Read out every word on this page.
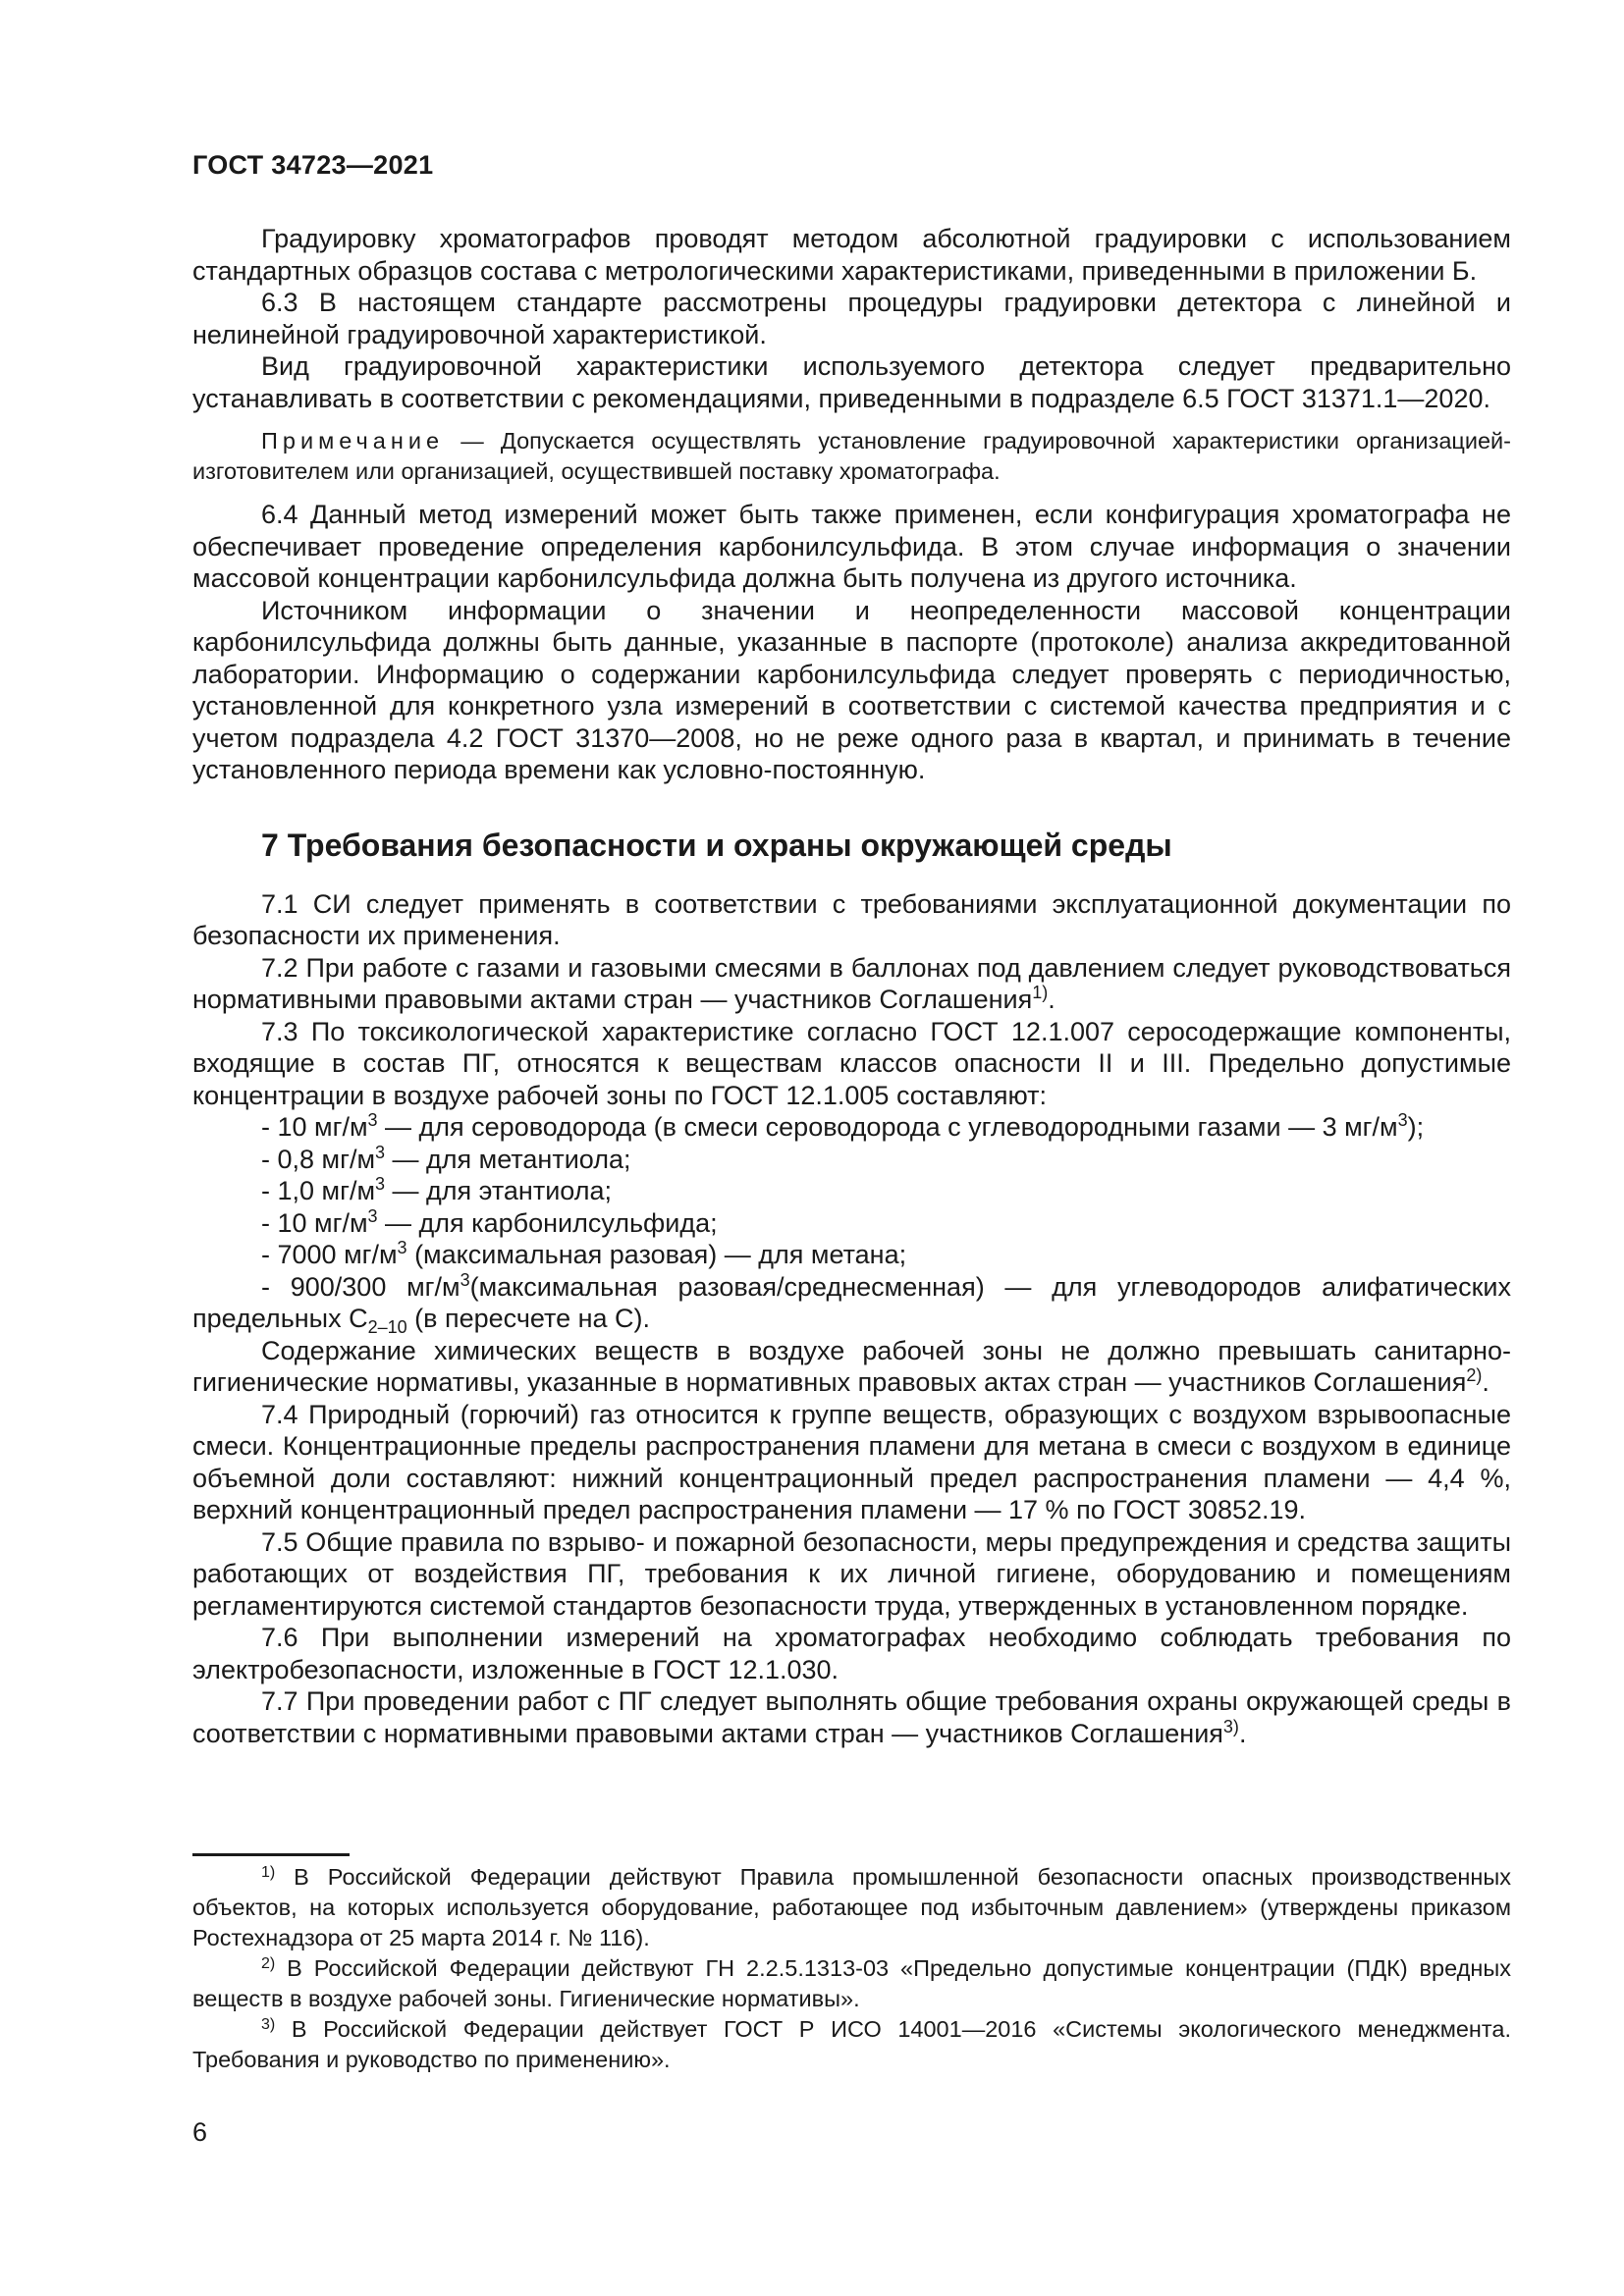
ГОСТ 34723—2021

Градуировку хроматографов проводят методом абсолютной градуировки с использованием стандартных образцов состава с метрологическими характеристиками, приведенными в приложении Б.

6.3 В настоящем стандарте рассмотрены процедуры градуировки детектора с линейной и нелинейной градуировочной характеристикой.

Вид градуировочной характеристики используемого детектора следует предварительно устанавливать в соответствии с рекомендациями, приведенными в подразделе 6.5 ГОСТ 31371.1—2020.

Примечание — Допускается осуществлять установление градуировочной характеристики организацией-изготовителем или организацией, осуществившей поставку хроматографа.

6.4 Данный метод измерений может быть также применен, если конфигурация хроматографа не обеспечивает проведение определения карбонилсульфида. В этом случае информация о значении массовой концентрации карбонилсульфида должна быть получена из другого источника.

Источником информации о значении и неопределенности массовой концентрации карбонилсульфида должны быть данные, указанные в паспорте (протоколе) анализа аккредитованной лаборатории. Информацию о содержании карбонилсульфида следует проверять с периодичностью, установленной для конкретного узла измерений в соответствии с системой качества предприятия и с учетом подраздела 4.2 ГОСТ 31370—2008, но не реже одного раза в квартал, и принимать в течение установленного периода времени как условно-постоянную.

7 Требования безопасности и охраны окружающей среды

7.1 СИ следует применять в соответствии с требованиями эксплуатационной документации по безопасности их применения.

7.2 При работе с газами и газовыми смесями в баллонах под давлением следует руководствоваться нормативными правовыми актами стран — участников Соглашения$^{1)}$.

7.3 По токсикологической характеристике согласно ГОСТ 12.1.007 серосодержащие компоненты, входящие в состав ПГ, относятся к веществам классов опасности II и III. Предельно допустимые концентрации в воздухе рабочей зоны по ГОСТ 12.1.005 составляют:

- 10 $мг/м^3$ — для сероводорода (в смеси сероводорода с углеводородными газами — 3 $мг/м^3$);

- 0,8 $мг/м^3$ — для метантиола;

- 1,0 $мг/м^3$ — для этантиола;

- 10 $мг/м^3$ — для карбонилсульфида;

- 7000 $мг/м^3$ (максимальная разовая) — для метана;

- 900/300 $мг/м^3(максимальная$ разовая/среднесменная) — для углеводородов алифатических предельных $С_{2-10}$ (в пересчете на С).

Содержание химических веществ в воздухе рабочей зоны не должно превышать санитарно-гигиенические нормативы, указанные в нормативных правовых актах стран — участников Соглашения$^{2)}$.

7.4 Природный (горючий) газ относится к группе веществ, образующих с воздухом взрывоопасные смеси. Концентрационные пределы распространения пламени для метана в смеси с воздухом в единице объемной доли составляют: нижний концентрационный предел распространения пламени — 4,4 %, верхний концентрационный предел распространения пламени — 17 % по ГОСТ 30852.19.

7.5 Общие правила по взрыво- и пожарной безопасности, меры предупреждения и средства защиты работающих от воздействия ПГ, требования к их личной гигиене, оборудованию и помещениям регламентируются системой стандартов безопасности труда, утвержденных в установленном порядке.

7.6 При выполнении измерений на хроматографах необходимо соблюдать требования по электробезопасности, изложенные в ГОСТ 12.1.030.

7.7 При проведении работ с ПГ следует выполнять общие требования охраны окружающей среды в соответствии с нормативными правовыми актами стран — участников Соглашения$^{3)}$.

$^{1)}$ В Российской Федерации действуют Правила промышленной безопасности опасных производственных объектов, на которых используется оборудование, работающее под избыточным давлением» (утверждены приказом Ростехнадзора от 25 марта 2014 г. № 116).

$^{2)}$ В Российской Федерации действуют ГН 2.2.5.1313-03 «Предельно допустимые концентрации (ПДК) вредных веществ в воздухе рабочей зоны. Гигиенические нормативы».

$^{3)}$ В Российской Федерации действует ГОСТ Р ИСО 14001—2016 «Системы экологического менеджмента. Требования и руководство по применению».

6
